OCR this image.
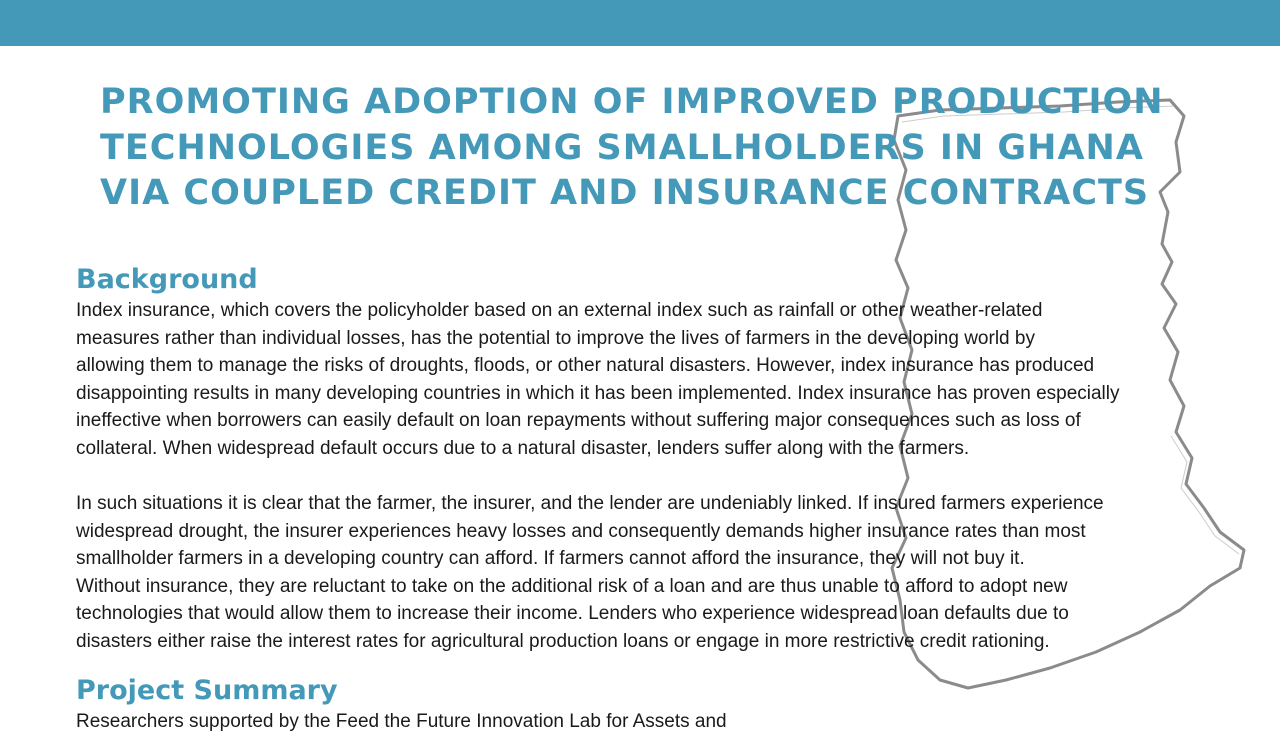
PROMOTING ADOPTION OF IMPROVED PRODUCTION
TECHNOLOGIES AMONG SMALLHOLDERS IN GHANA
VIA COUPLED CREDIT AND INSURANCE CONTRACTS
Background

Index insurance, which covers the policyholder based on an external index such as rainfall or other weather-related
measures rather than individual losses, has the potential to improve the lives of farmers in the developing world by
allowing them to manage the risks of droughts, floods, or other natural disasters. However, index insurance has produced
disappointing results in many developing countries in which it has been implemented. Index insurance has proven especially
ineffective when borrowers can easily default on loan repayments without suffering major consequences such as loss of
collateral. When widespread default occurs due to a natural disaster, lenders suffer along with the farmers.

In such situations it is clear that the farmer, the insurer, and the lender are undeniably linked. If insured farmers experience
widespread drought, the insurer experiences heavy losses and consequently demands higher insurance rates than most
smallholder farmers in a developing country can afford. If farmers cannot afford the insurance, they will not buy it.
Without insurance, they are reluctant to take on the additional risk of a loan and are thus unable to afford to adopt new
technologies that would allow them to increase their income. Lenders who experience widespread loan defaults due to
disasters either raise the interest rates for agricultural production loans or engage in more restrictive credit rationing.

Project Summary

Researchers supported by the Feed the Future Innovation Lab for Assets and
